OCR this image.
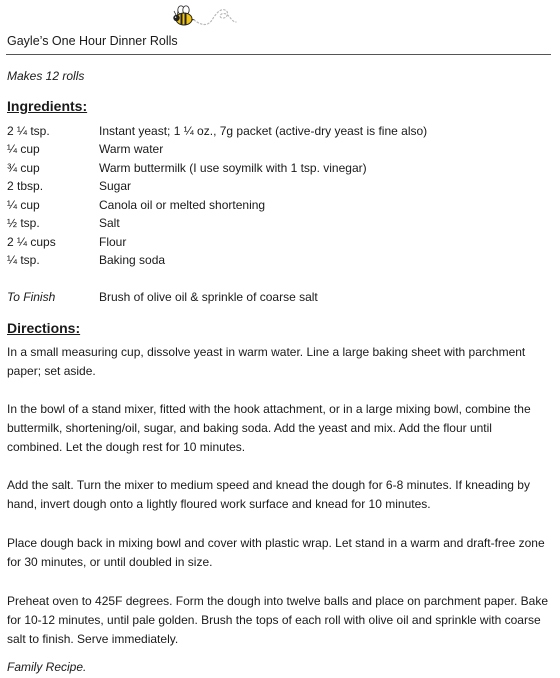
Gayle’s One Hour Dinner Rolls
Makes 12 rolls
Ingredients:
2 ¼ tsp.	Instant yeast; 1 ¼ oz., 7g packet (active-dry yeast is fine also)
¼ cup	Warm water
¾ cup	Warm buttermilk (I use soymilk with 1 tsp. vinegar)
2 tbsp.	Sugar
¼ cup	Canola oil or melted shortening
½ tsp.	Salt
2 ¼ cups	Flour
¼ tsp.	Baking soda
To Finish	Brush of olive oil & sprinkle of coarse salt
Directions:

In a small measuring cup, dissolve yeast in warm water. Line a large baking sheet with parchment paper; set aside.

In the bowl of a stand mixer, fitted with the hook attachment, or in a large mixing bowl, combine the buttermilk, shortening/oil, sugar, and baking soda. Add the yeast and mix. Add the flour until combined. Let the dough rest for 10 minutes.

Add the salt. Turn the mixer to medium speed and knead the dough for 6-8 minutes. If kneading by hand, invert dough onto a lightly floured work surface and knead for 10 minutes.

Place dough back in mixing bowl and cover with plastic wrap. Let stand in a warm and draft-free zone for 30 minutes, or until doubled in size.

Preheat oven to 425F degrees. Form the dough into twelve balls and place on parchment paper. Bake for 10-12 minutes, until pale golden. Brush the tops of each roll with olive oil and sprinkle with coarse salt to finish. Serve immediately.

Family Recipe.
